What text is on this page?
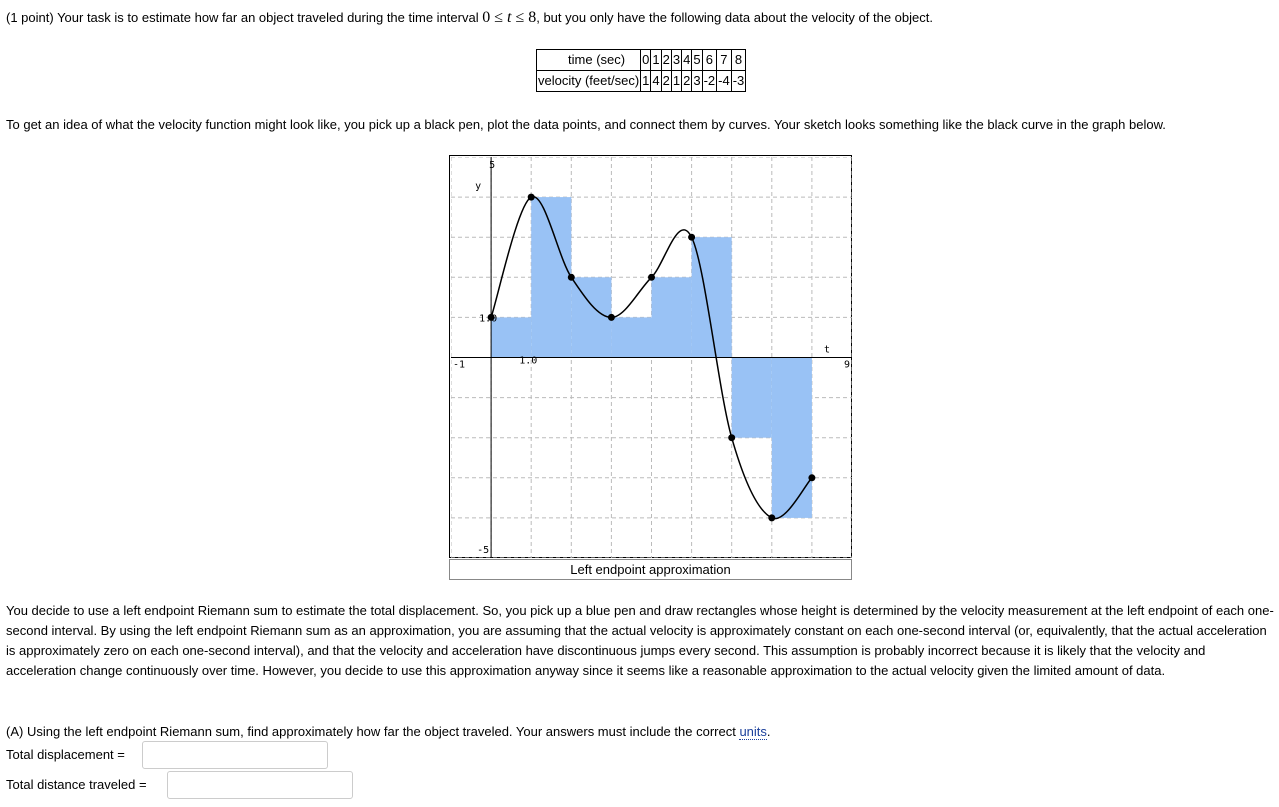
(1 point) Your task is to estimate how far an object traveled during the time interval 0 ≤ t ≤ 8, but you only have the following data about the velocity of the object.
time (sec)	0	1	2	3	4	5	6	7	8
velocity (feet/sec)	1	4	2	1	2	3	-2	-4	-3
To get an idea of what the velocity function might look like, you pick up a black pen, plot the data points, and connect them by curves. Your sketch looks something like the black curve in the graph below.
5
-5
-1	9
y
t
1.0
1.0
Left endpoint approximation
You decide to use a left endpoint Riemann sum to estimate the total displacement. So, you pick up a blue pen and draw rectangles whose height is determined by the velocity measurement at the left endpoint of each one-second interval. By using the left endpoint Riemann sum as an approximation, you are assuming that the actual velocity is approximately constant on each one-second interval (or, equivalently, that the actual acceleration is approximately zero on each one-second interval), and that the velocity and acceleration have discontinuous jumps every second. This assumption is probably incorrect because it is likely that the velocity and acceleration change continuously over time. However, you decide to use this approximation anyway since it seems like a reasonable approximation to the actual velocity given the limited amount of data.
(A) Using the left endpoint Riemann sum, find approximately how far the object traveled. Your answers must include the correct units.
Total displacement =
Total distance traveled =
